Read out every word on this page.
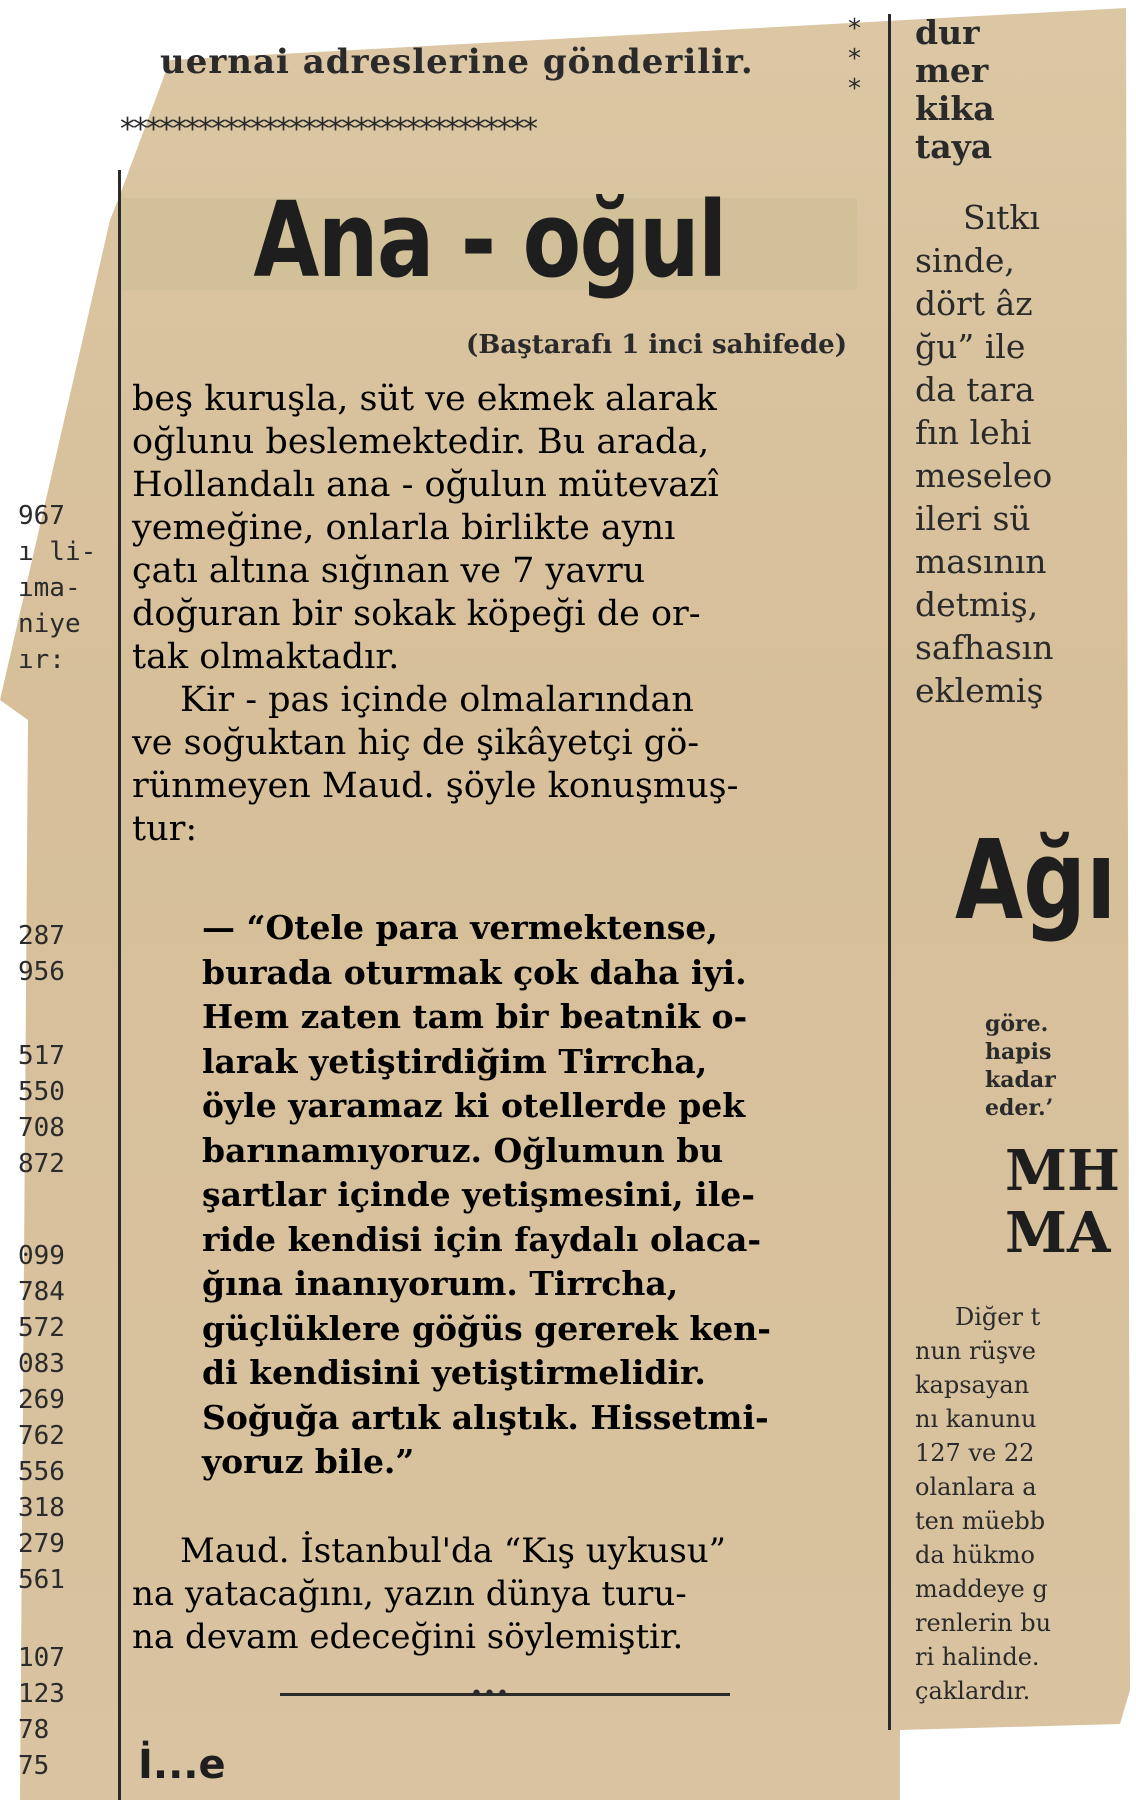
uernai adreslerine gönderilir.
*
*
*
********************************
Ana - oğul
(Baştarafı 1 inci sahifede)
beş kuruşla, süt ve ekmek alarak
oğlunu beslemektedir. Bu arada,
Hollandalı ana - oğulun mütevazî
yemeğine, onlarla birlikte aynı
çatı altına sığınan ve 7 yavru
doğuran bir sokak köpeği de or-
tak olmaktadır.
Kir - pas içinde olmalarından
ve soğuktan hiç de şikâyetçi gö-
rünmeyen Maud. şöyle konuşmuş-
tur:
— “Otele para vermektense,
burada oturmak çok daha iyi.
Hem zaten tam bir beatnik o-
larak yetiştirdiğim Tirrcha,
öyle yaramaz ki otellerde pek
barınamıyoruz. Oğlumun bu
şartlar içinde yetişmesini, ile-
ride kendisi için faydalı olaca-
ğına inanıyorum. Tirrcha,
güçlüklere göğüs gererek ken-
di kendisini yetiştirmelidir.
Soğuğa artık alıştık. Hissetmi-
yoruz bile.”
Maud. İstanbul'da “Kış uykusu”
na yatacağını, yazın dünya turu-
na devam edeceğini söylemiştir.
•••
İ...e
967
ı li-
ıma-
niye
ır:
287
956
517
550
708
872
099
784
572
083
269
762
556
318
279
561
107
123
78
75
dur
mer
kika
taya
Sıtkı
sinde,
dört âz
ğu” ile
da tara
fın lehi
meseleo
ileri sü
masının
detmiş,
safhasın
eklemiş
Ağı
göre.
hapis
kadar
eder.’
MH
MA
Diğer t
nun rüşve
kapsayan
nı kanunu
127 ve 22
olanlara a
ten müebb
da hükmo
maddeye g
renlerin bu
ri halinde.
çaklardır.
